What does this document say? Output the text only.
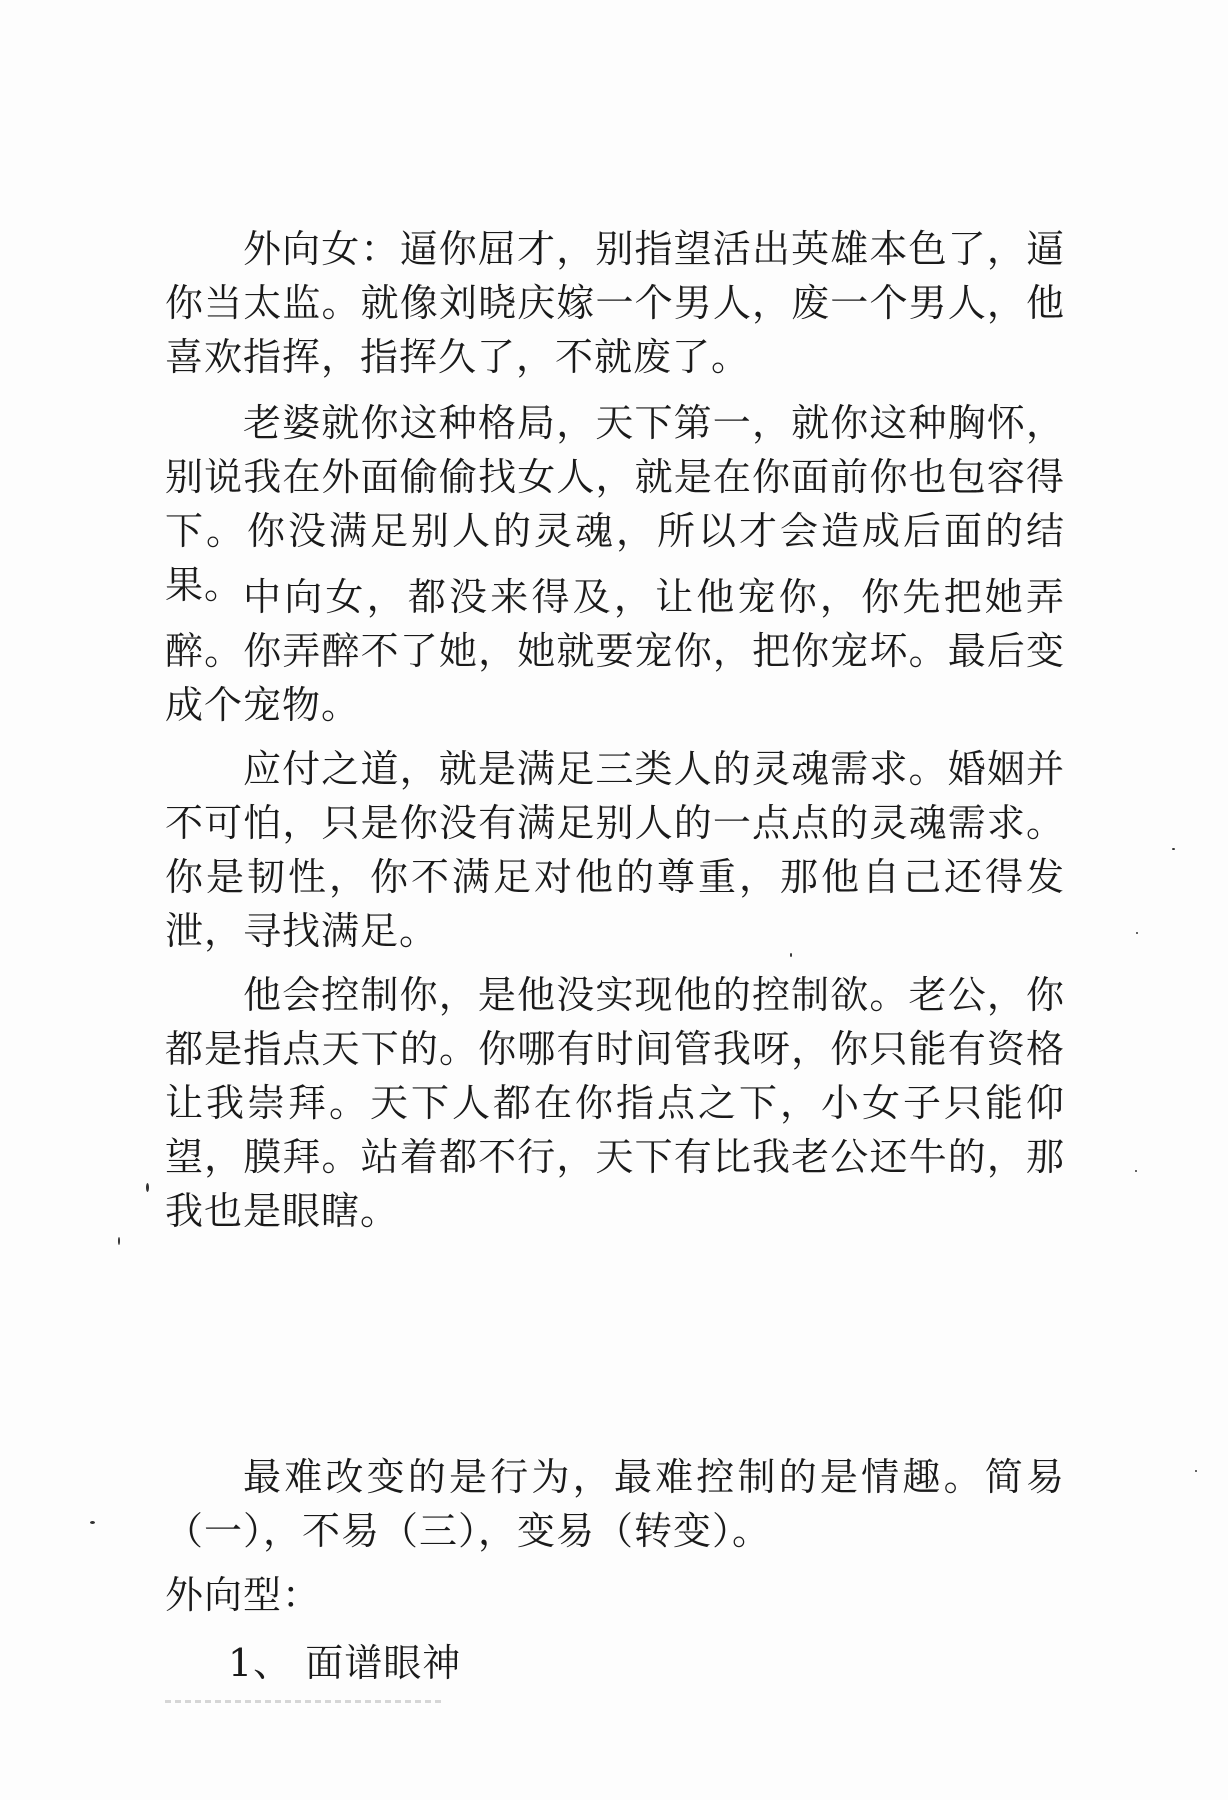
外向女：逼你屈才，别指望活出英雄本色了，逼你当太监。就像刘晓庆嫁一个男人，废一个男人，他喜欢指挥，指挥久了，不就废了。

老婆就你这种格局，天下第一，就你这种胸怀，别说我在外面偷偷找女人，就是在你面前你也包容得下。你没满足别人的灵魂，所以才会造成后面的结果。 中向女，都没来得及，让他宠你，你先把她弄醉。你弄醉不了她，她就要宠你，把你宠坏。最后变成个宠物。

应付之道，就是满足三类人的灵魂需求。婚姻并不可怕，只是你没有满足别人的一点点的灵魂需求。你是韧性，你不满足对他的尊重，那他自己还得发泄，寻找满足。

他会控制你，是他没实现他的控制欲。老公，你都是指点天下的。你哪有时间管我呀，你只能有资格让我崇拜。天下人都在你指点之下，小女子只能仰望，膜拜。站着都不行，天下有比我老公还牛的，那我也是眼瞎。

最难改变的是行为，最难控制的是情趣。简易（一），不易（三），变易（转变）。

外向型：

1、 面谱眼神
